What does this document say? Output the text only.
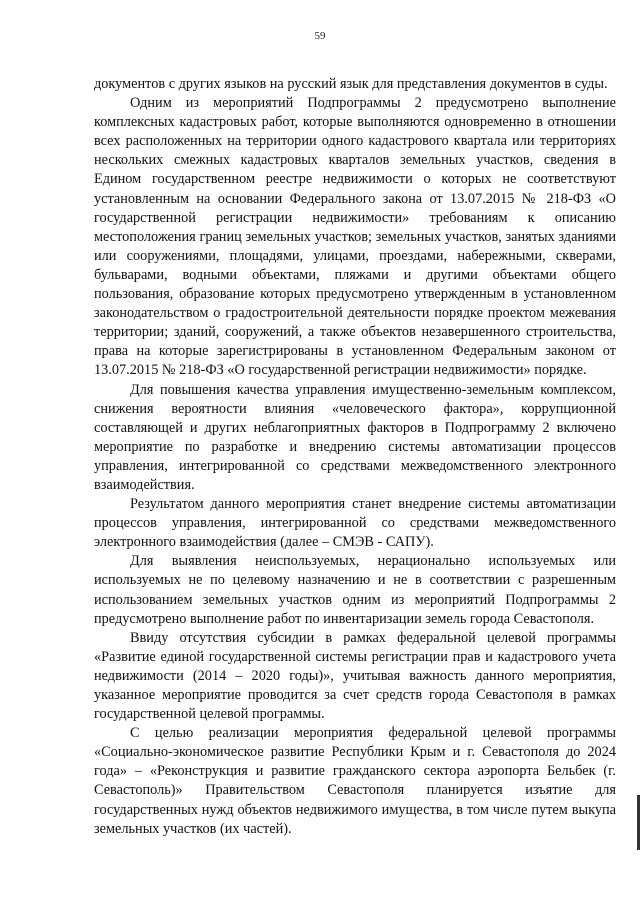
59

документов с других языков на русский язык для представления документов в суды.

Одним из мероприятий Подпрограммы 2 предусмотрено выполнение комплексных кадастровых работ, которые выполняются одновременно в отношении всех расположенных на территории одного кадастрового квартала или территориях нескольких смежных кадастровых кварталов земельных участков, сведения в Едином государственном реестре недвижимости о которых не соответствуют установленным на основании Федерального закона от 13.07.2015 № 218-ФЗ «О государственной регистрации недвижимости» требованиям к описанию местоположения границ земельных участков; земельных участков, занятых зданиями или сооружениями, площадями, улицами, проездами, набережными, скверами, бульварами, водными объектами, пляжами и другими объектами общего пользования, образование которых предусмотрено утвержденным в установленном законодательством о градостроительной деятельности порядке проектом межевания территории; зданий, сооружений, а также объектов незавершенного строительства, права на которые зарегистрированы в установленном Федеральным законом от 13.07.2015 № 218-ФЗ «О государственной регистрации недвижимости» порядке.

Для повышения качества управления имущественно-земельным комплексом, снижения вероятности влияния «человеческого фактора», коррупционной составляющей и других неблагоприятных факторов в Подпрограмму 2 включено мероприятие по разработке и внедрению системы автоматизации процессов управления, интегрированной со средствами межведомственного электронного взаимодействия.

Результатом данного мероприятия станет внедрение системы автоматизации процессов управления, интегрированной со средствами межведомственного электронного взаимодействия (далее – СМЭВ - САПУ).

Для выявления неиспользуемых, нерационально используемых или используемых не по целевому назначению и не в соответствии с разрешенным использованием земельных участков одним из мероприятий Подпрограммы 2 предусмотрено выполнение работ по инвентаризации земель города Севастополя.

Ввиду отсутствия субсидии в рамках федеральной целевой программы «Развитие единой государственной системы регистрации прав и кадастрового учета недвижимости (2014 – 2020 годы)», учитывая важность данного мероприятия, указанное мероприятие проводится за счет средств города Севастополя в рамках государственной целевой программы.

С целью реализации мероприятия федеральной целевой программы «Социально-экономическое развитие Республики Крым и г. Севастополя до 2024 года» – «Реконструкция и развитие гражданского сектора аэропорта Бельбек (г. Севастополь)» Правительством Севастополя планируется изъятие для государственных нужд объектов недвижимого имущества, в том числе путем выкупа земельных участков (их частей).
